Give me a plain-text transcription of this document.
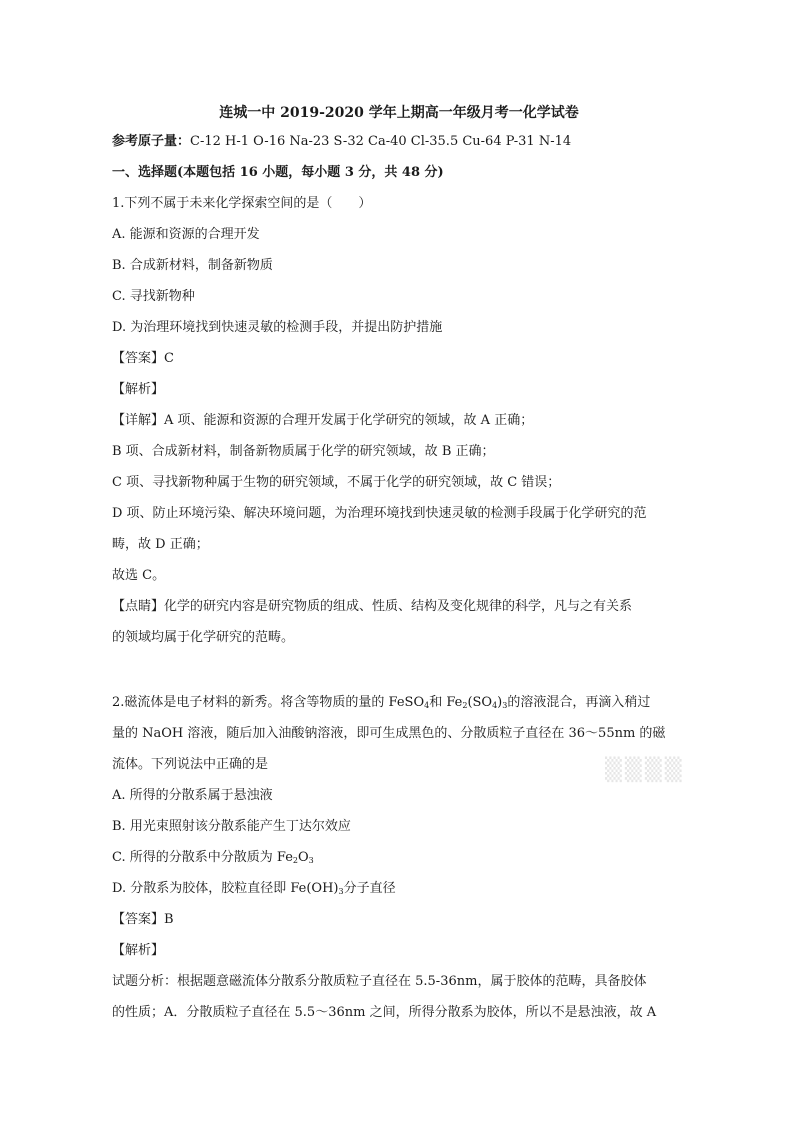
连城一中 2019-2020 学年上期高一年级月考一化学试卷
参考原子量：C-12 H-1 O-16 Na-23 S-32 Ca-40 Cl-35.5 Cu-64 P-31 N-14
一、选择题(本题包括 16 小题，每小题 3 分，共 48 分)
1.下列不属于未来化学探索空间的是（　　）
A. 能源和资源的合理开发
B. 合成新材料，制备新物质
C. 寻找新物种
D. 为治理环境找到快速灵敏的检测手段，并提出防护措施
【答案】C
【解析】
【详解】A 项、能源和资源的合理开发属于化学研究的领域，故 A 正确；
B 项、合成新材料，制备新物质属于化学的研究领域，故 B 正确；
C 项、寻找新物种属于生物的研究领域，不属于化学的研究领域，故 C 错误；
D 项、防止环境污染、解决环境问题，为治理环境找到快速灵敏的检测手段属于化学研究的范
畴，故 D 正确；
故选 C。
【点睛】化学的研究内容是研究物质的组成、性质、结构及变化规律的科学，凡与之有关系
的领域均属于化学研究的范畴。
2.磁流体是电子材料的新秀。将含等物质的量的 FeSO$_4$和 $Fe_2(SO_4)_3$的溶液混合，再滴入稍过
量的 NaOH 溶液，随后加入油酸钠溶液，即可生成黑色的、分散质粒子直径在 36～55nm 的磁
流体。下列说法中正确的是
A. 所得的分散系属于悬浊液
B. 用光束照射该分散系能产生丁达尔效应
C. 所得的分散系中分散质为 $Fe_2O_3$
D. 分散系为胶体，胶粒直径即 $Fe(OH)_3$分子直径
【答案】B
【解析】
试题分析：根据题意磁流体分散系分散质粒子直径在 5.5-36nm，属于胶体的范畴，具备胶体
的性质；A．分散质粒子直径在 5.5～36nm 之间，所得分散系为胶体，所以不是悬浊液，故 A
▒▒▒▒
